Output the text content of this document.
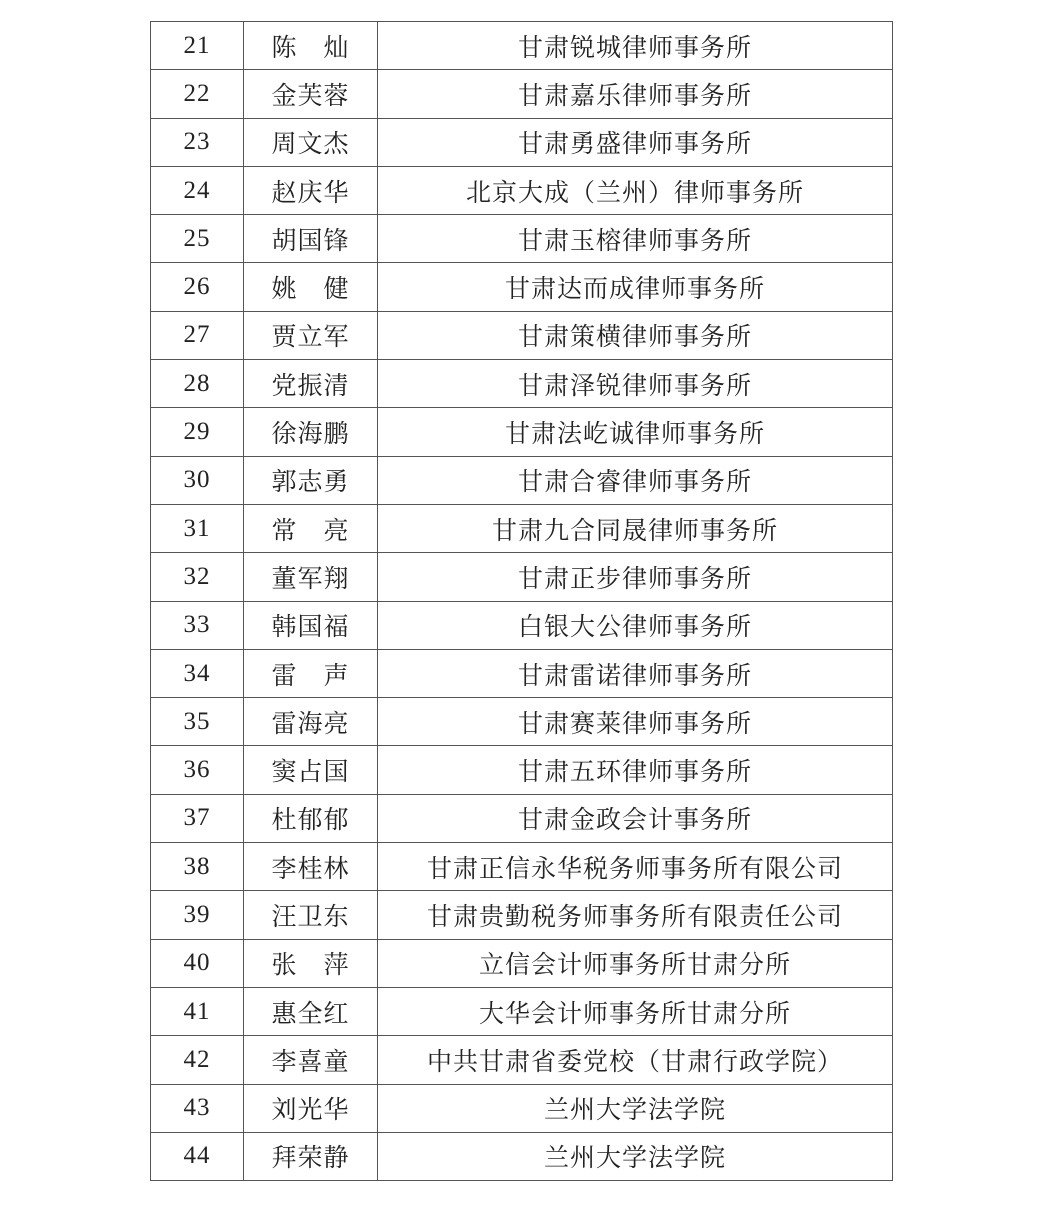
21	陈　灿	甘肃锐城律师事务所
22	金芙蓉	甘肃嘉乐律师事务所
23	周文杰	甘肃勇盛律师事务所
24	赵庆华	北京大成（兰州）律师事务所
25	胡国锋	甘肃玉榕律师事务所
26	姚　健	甘肃达而成律师事务所
27	贾立军	甘肃策横律师事务所
28	党振清	甘肃泽锐律师事务所
29	徐海鹏	甘肃法屹诚律师事务所
30	郭志勇	甘肃合睿律师事务所
31	常　亮	甘肃九合同晟律师事务所
32	董军翔	甘肃正步律师事务所
33	韩国福	白银大公律师事务所
34	雷　声	甘肃雷诺律师事务所
35	雷海亮	甘肃赛莱律师事务所
36	窦占国	甘肃五环律师事务所
37	杜郁郁	甘肃金政会计事务所
38	李桂林	甘肃正信永华税务师事务所有限公司
39	汪卫东	甘肃贵勤税务师事务所有限责任公司
40	张　萍	立信会计师事务所甘肃分所
41	惠全红	大华会计师事务所甘肃分所
42	李喜童	中共甘肃省委党校（甘肃行政学院）
43	刘光华	兰州大学法学院
44	拜荣静	兰州大学法学院
